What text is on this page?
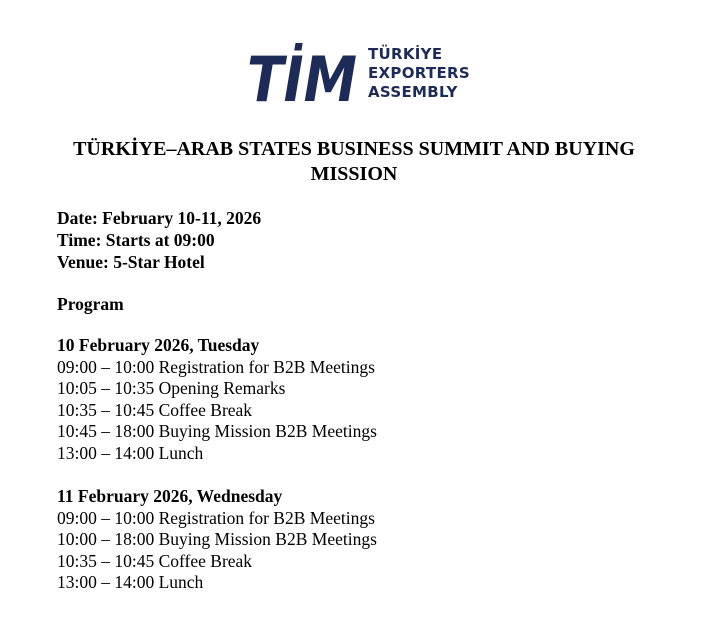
TİM TÜRKİYE
EXPORTERS
ASSEMBLY
TÜRKİYE–ARAB STATES BUSINESS SUMMIT AND BUYING MISSION
Date: February 10-11, 2026
Time: Starts at 09:00
Venue: 5-Star Hotel
Program
10 February 2026, Tuesday
09:00 – 10:00 Registration for B2B Meetings
10:05 – 10:35 Opening Remarks
10:35 – 10:45 Coffee Break
10:45 – 18:00 Buying Mission B2B Meetings
13:00 – 14:00 Lunch
11 February 2026, Wednesday
09:00 – 10:00 Registration for B2B Meetings
10:00 – 18:00 Buying Mission B2B Meetings
10:35 – 10:45 Coffee Break
13:00 – 14:00 Lunch
